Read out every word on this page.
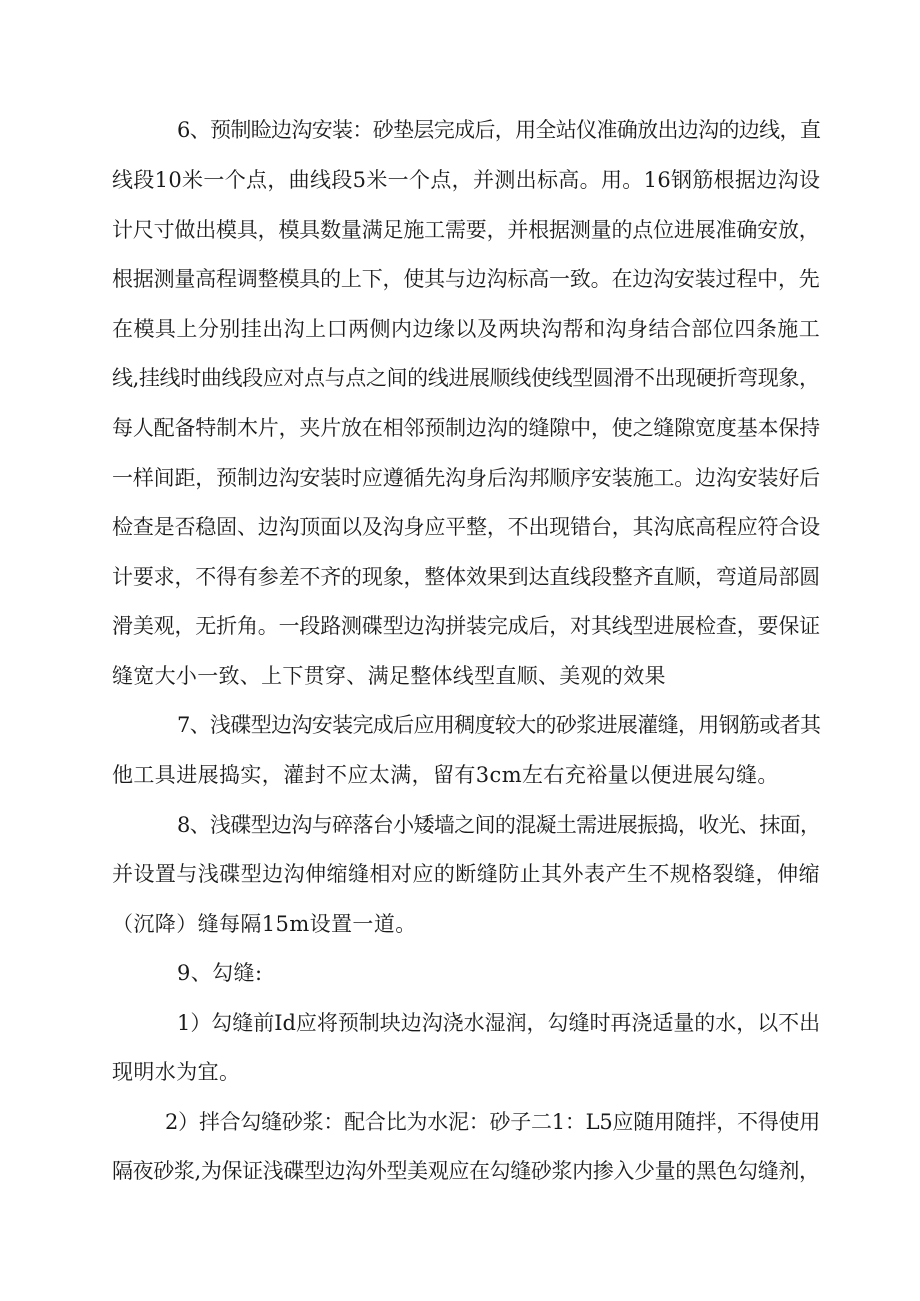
6、预制睑边沟安装：砂垫层完成后，用全站仪准确放出边沟的边线，直
线段10米一个点，曲线段5米一个点，并测出标高。用。16钢筋根据边沟设
计尺寸做出模具，模具数量满足施工需要，并根据测量的点位进展准确安放，
根据测量高程调整模具的上下，使其与边沟标高一致。在边沟安装过程中，先
在模具上分别挂出沟上口两侧内边缘以及两块沟帮和沟身结合部位四条施工
线,挂线时曲线段应对点与点之间的线进展顺线使线型圆滑不出现硬折弯现象，
每人配备特制木片，夹片放在相邻预制边沟的缝隙中，使之缝隙宽度基本保持
一样间距，预制边沟安装时应遵循先沟身后沟邦顺序安装施工。边沟安装好后
检查是否稳固、边沟顶面以及沟身应平整，不出现错台，其沟底高程应符合设
计要求，不得有参差不齐的现象，整体效果到达直线段整齐直顺，弯道局部圆
滑美观，无折角。一段路测碟型边沟拼装完成后，对其线型进展检查，要保证
缝宽大小一致、上下贯穿、满足整体线型直顺、美观的效果
7、浅碟型边沟安装完成后应用稠度较大的砂浆进展灌缝，用钢筋或者其
他工具进展捣实，灌封不应太满，留有3cm左右充裕量以便进展勾缝。
8、浅碟型边沟与碎落台小矮墙之间的混凝土需进展振捣，收光、抹面，
并设置与浅碟型边沟伸缩缝相对应的断缝防止其外表产生不规格裂缝，伸缩
（沉降）缝每隔15m设置一道。
9、勾缝:
1）勾缝前Id应将预制块边沟浇水湿润，勾缝时再浇适量的水，以不出
现明水为宜。
2）拌合勾缝砂浆：配合比为水泥：砂子二1：L5应随用随拌，不得使用
隔夜砂浆,为保证浅碟型边沟外型美观应在勾缝砂浆内掺入少量的黑色勾缝剂，
